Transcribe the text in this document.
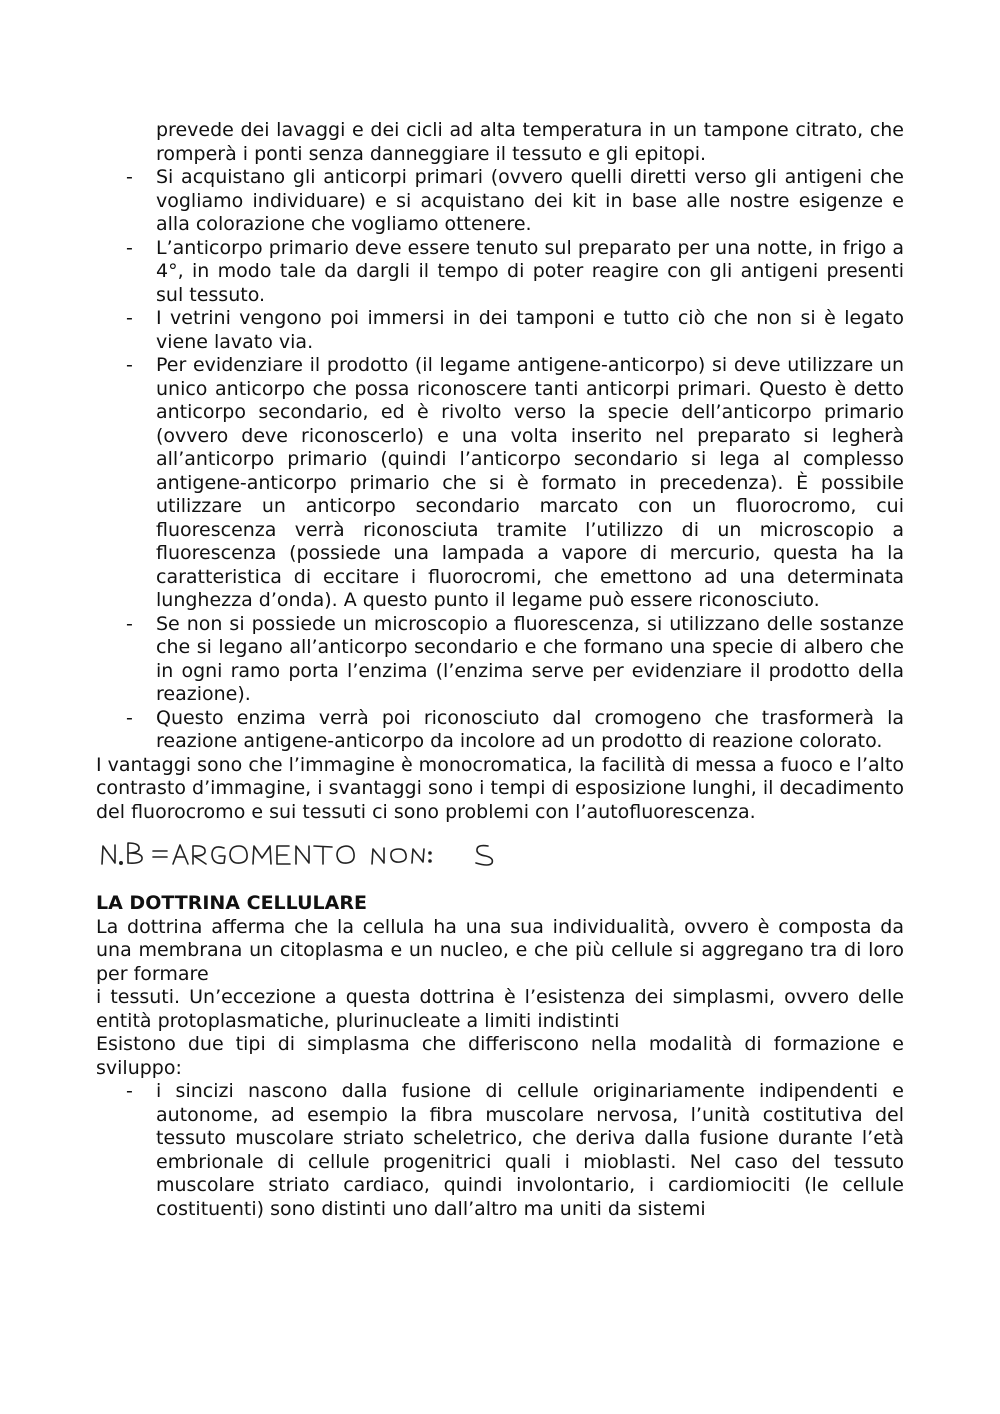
prevede dei lavaggi e dei cicli ad alta temperatura in un tampone citrato, che romperà i ponti senza danneggiare il tessuto e gli epitopi.

- Si acquistano gli anticorpi primari (ovvero quelli diretti verso gli antigeni che vogliamo individuare) e si acquistano dei kit in base alle nostre esigenze e alla colorazione che vogliamo ottenere.
- L’anticorpo primario deve essere tenuto sul preparato per una notte, in frigo a 4°, in modo tale da dargli il tempo di poter reagire con gli antigeni presenti sul tessuto.
- I vetrini vengono poi immersi in dei tamponi e tutto ciò che non si è legato viene lavato via.
- Per evidenziare il prodotto (il legame antigene-anticorpo) si deve utilizzare un unico anticorpo che possa riconoscere tanti anticorpi primari. Questo è detto anticorpo secondario, ed è rivolto verso la specie dell’anticorpo primario (ovvero deve riconoscerlo) e una volta inserito nel preparato si legherà all’anticorpo primario (quindi l’anticorpo secondario si lega al complesso antigene-anticorpo primario che si è formato in precedenza). È possibile utilizzare un anticorpo secondario marcato con un fluorocromo, cui fluorescenza verrà riconosciuta tramite l’utilizzo di un microscopio a fluorescenza (possiede una lampada a vapore di mercurio, questa ha la caratteristica di eccitare i fluorocromi, che emettono ad una determinata lunghezza d’onda). A questo punto il legame può essere riconosciuto.
- Se non si possiede un microscopio a fluorescenza, si utilizzano delle sostanze che si legano all’anticorpo secondario e che formano una specie di albero che in ogni ramo porta l’enzima (l’enzima serve per evidenziare il prodotto della reazione).
- Questo enzima verrà poi riconosciuto dal cromogeno che trasformerà la reazione antigene-anticorpo da incolore ad un prodotto di reazione colorato.

I vantaggi sono che l’immagine è monocromatica, la facilità di messa a fuoco e l’alto contrasto d’immagine, i svantaggi sono i tempi di esposizione lunghi, il decadimento del fluorocromo e sui tessuti ci sono problemi con l’autofluorescenza.

LA DOTTRINA CELLULARE

La dottrina afferma che la cellula ha una sua individualità, ovvero è composta da una membrana un citoplasma e un nucleo, e che più cellule si aggregano tra di loro per formare

i tessuti. Un’eccezione a questa dottrina è l’esistenza dei simplasmi, ovvero delle entità protoplasmatiche, plurinucleate a limiti indistinti

Esistono due tipi di simplasma che differiscono nella modalità di formazione e sviluppo:

- i sincizi nascono dalla fusione di cellule originariamente indipendenti e autonome, ad esempio la fibra muscolare nervosa, l’unità costitutiva del tessuto muscolare striato scheletrico, che deriva dalla fusione durante l’età embrionale di cellule progenitrici quali i mioblasti. Nel caso del tessuto muscolare striato cardiaco, quindi involontario, i cardiomiociti (le cellule costituenti) sono distinti uno dall’altro ma uniti da sistemi
